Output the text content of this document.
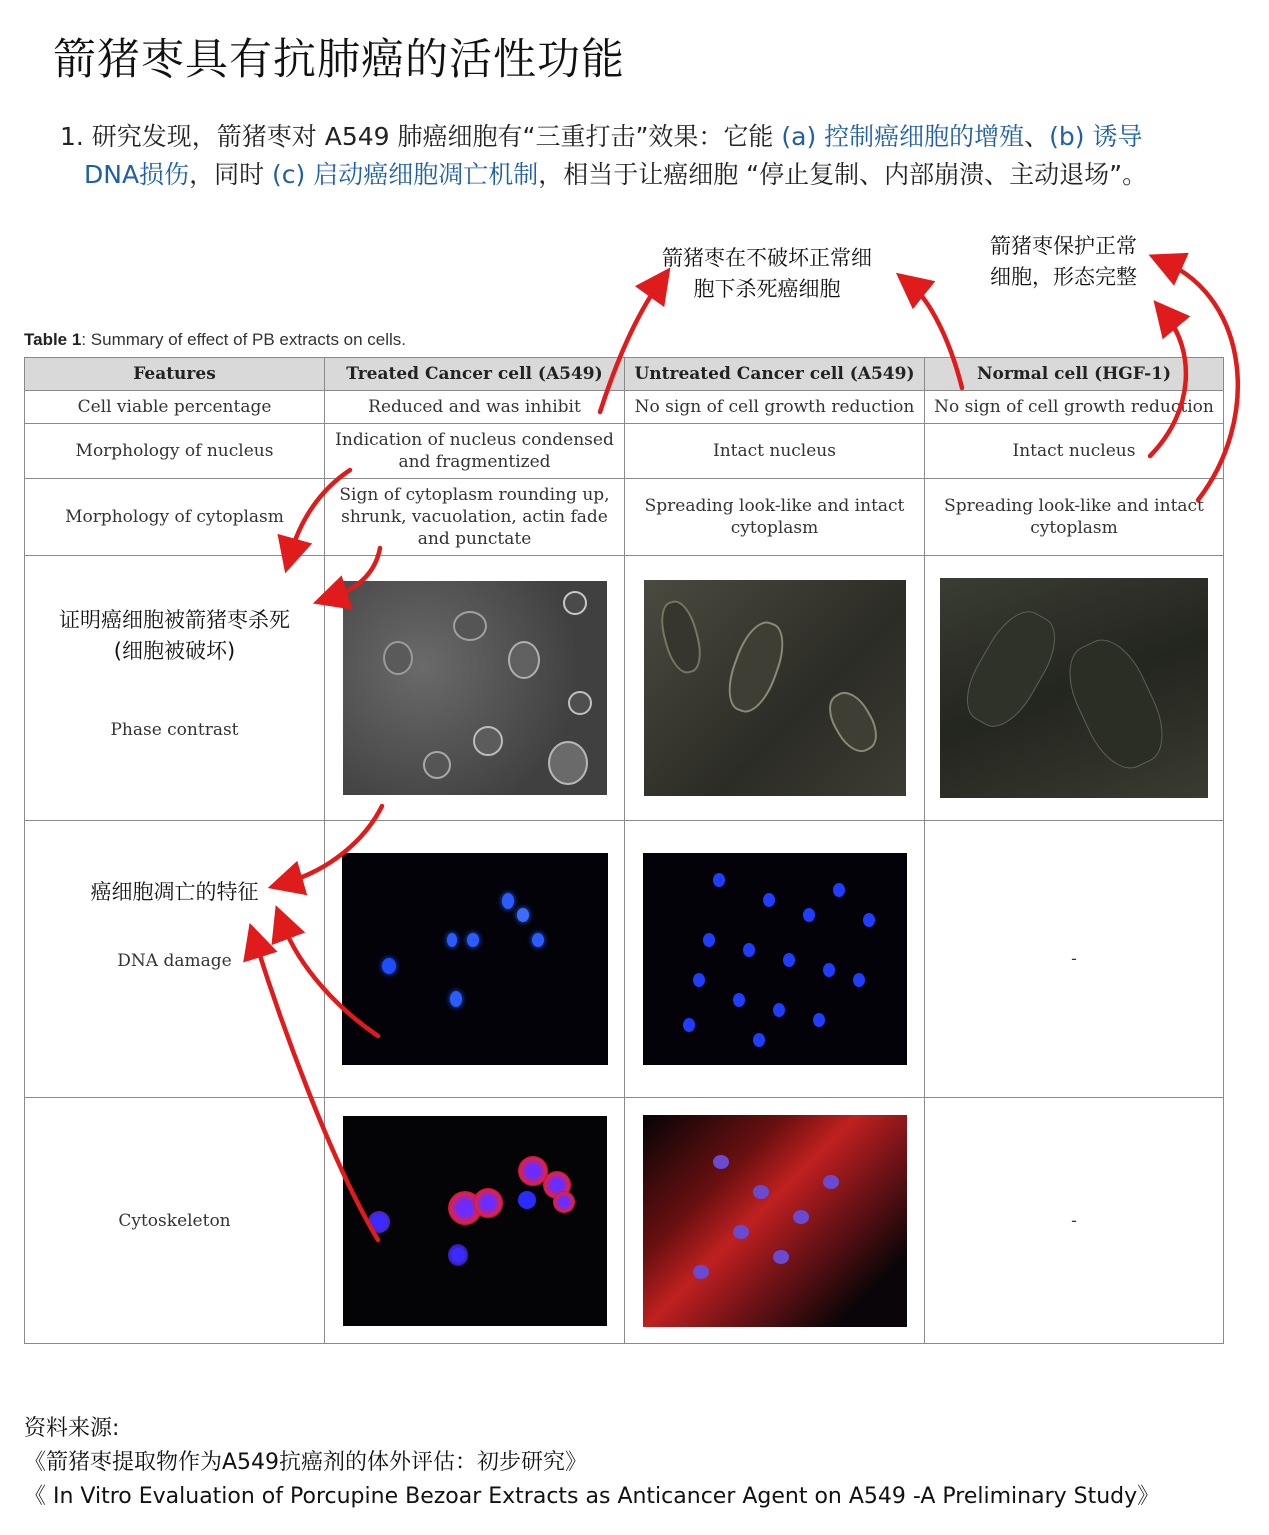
箭猪枣具有抗肺癌的活性功能
1. 研究发现，箭猪枣对 A549 肺癌细胞有“三重打击”效果：它能 (a) 控制癌细胞的增殖、(b) 诱导
DNA损伤，同时 (c) 启动癌细胞凋亡机制，相当于让癌细胞 “停止复制、内部崩溃、主动退场”。
箭猪枣在不破坏正常细
胞下杀死癌细胞
箭猪枣保护正常
细胞，形态完整
Table 1: Summary of effect of PB extracts on cells.
Features	Treated Cancer cell (A549)	Untreated Cancer cell (A549)	Normal cell (HGF-1)
Cell viable percentage	Reduced and was inhibit	No sign of cell growth reduction	No sign of cell growth reduction
Morphology of nucleus	Indication of nucleus condensed and fragmentized	Intact nucleus	Intact nucleus
Morphology of cytoplasm	Sign of cytoplasm rounding up, shrunk, vacuolation, actin fade and punctate	Spreading look-like and intact cytoplasm	Spreading look-like and intact cytoplasm

证明癌细胞被箭猪枣杀死
(细胞被破坏)
Phase contrast			

癌细胞凋亡的特征
DNA damage			-
Cytoskeleton			-
资料来源:
《箭猪枣提取物作为A549抗癌剂的体外评估：初步研究》
《 In Vitro Evaluation of Porcupine Bezoar Extracts as Anticancer Agent on A549 -A Preliminary Study》
